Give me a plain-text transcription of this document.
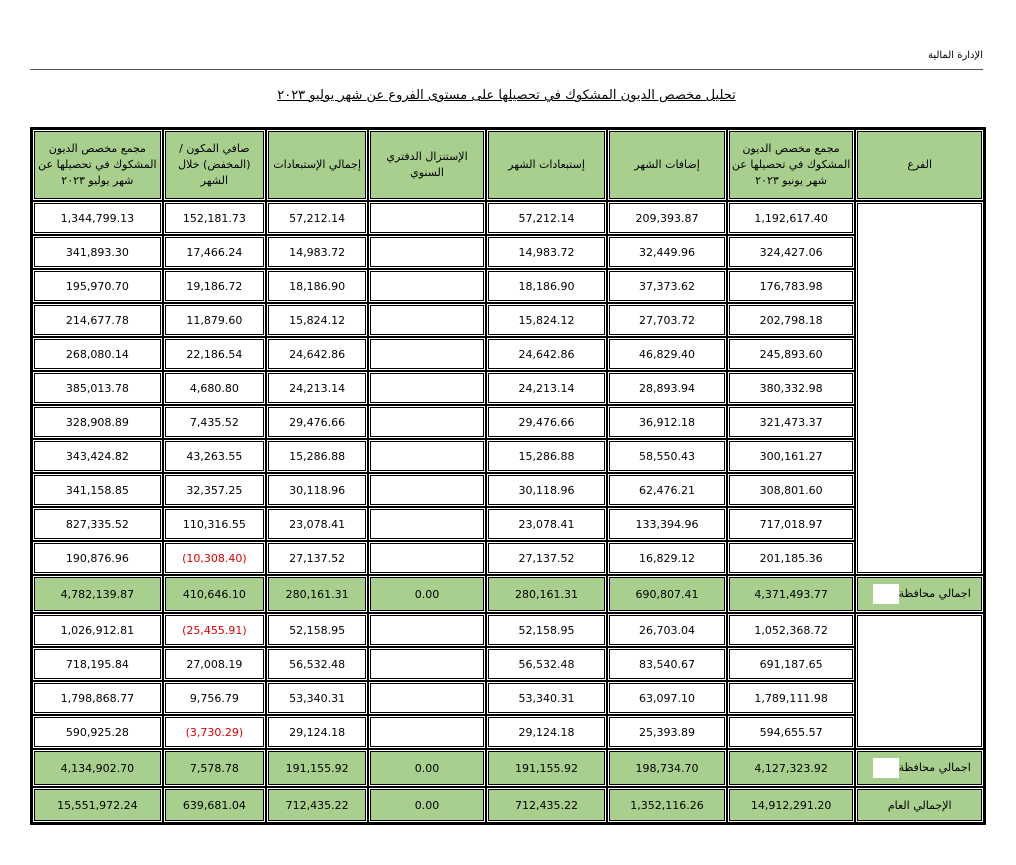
الإدارة المالية
تحليل مخصص الديون المشكوك في تحصيلها على مستوى الفروع عن شهر يوليو ٢٠٢٣
الفرع	مجمع مخصص الديون المشكوك في تحصيلها عن شهر يونيو ٢٠٢٣	إضافات الشهر	إستبعادات الشهر	الإستنزال الدفتري السنوي	إجمالي الإستبعادات	صافي المكون / (المخفض) خلال الشهر	مجمع مخصص الديون المشكوك في تحصيلها عن شهر يوليو ٢٠٢٣
	1,192,617.40	209,393.87	57,212.14		57,212.14	152,181.73	1,344,799.13
	324,427.06	32,449.96	14,983.72		14,983.72	17,466.24	341,893.30
	176,783.98	37,373.62	18,186.90		18,186.90	19,186.72	195,970.70
	202,798.18	27,703.72	15,824.12		15,824.12	11,879.60	214,677.78
	245,893.60	46,829.40	24,642.86		24,642.86	22,186.54	268,080.14
	380,332.98	28,893.94	24,213.14		24,213.14	4,680.80	385,013.78
	321,473.37	36,912.18	29,476.66		29,476.66	7,435.52	328,908.89
	300,161.27	58,550.43	15,286.88		15,286.88	43,263.55	343,424.82
	308,801.60	62,476.21	30,118.96		30,118.96	32,357.25	341,158.85
	717,018.97	133,394.96	23,078.41		23,078.41	110,316.55	827,335.52
	201,185.36	16,829.12	27,137.52		27,137.52	(10,308.40)	190,876.96
اجمالي محافظة	4,371,493.77	690,807.41	280,161.31	0.00	280,161.31	410,646.10	4,782,139.87
	1,052,368.72	26,703.04	52,158.95		52,158.95	(25,455.91)	1,026,912.81
	691,187.65	83,540.67	56,532.48		56,532.48	27,008.19	718,195.84
	1,789,111.98	63,097.10	53,340.31		53,340.31	9,756.79	1,798,868.77
	594,655.57	25,393.89	29,124.18		29,124.18	(3,730.29)	590,925.28
اجمالي محافظة	4,127,323.92	198,734.70	191,155.92	0.00	191,155.92	7,578.78	4,134,902.70
الإجمالي العام	14,912,291.20	1,352,116.26	712,435.22	0.00	712,435.22	639,681.04	15,551,972.24
